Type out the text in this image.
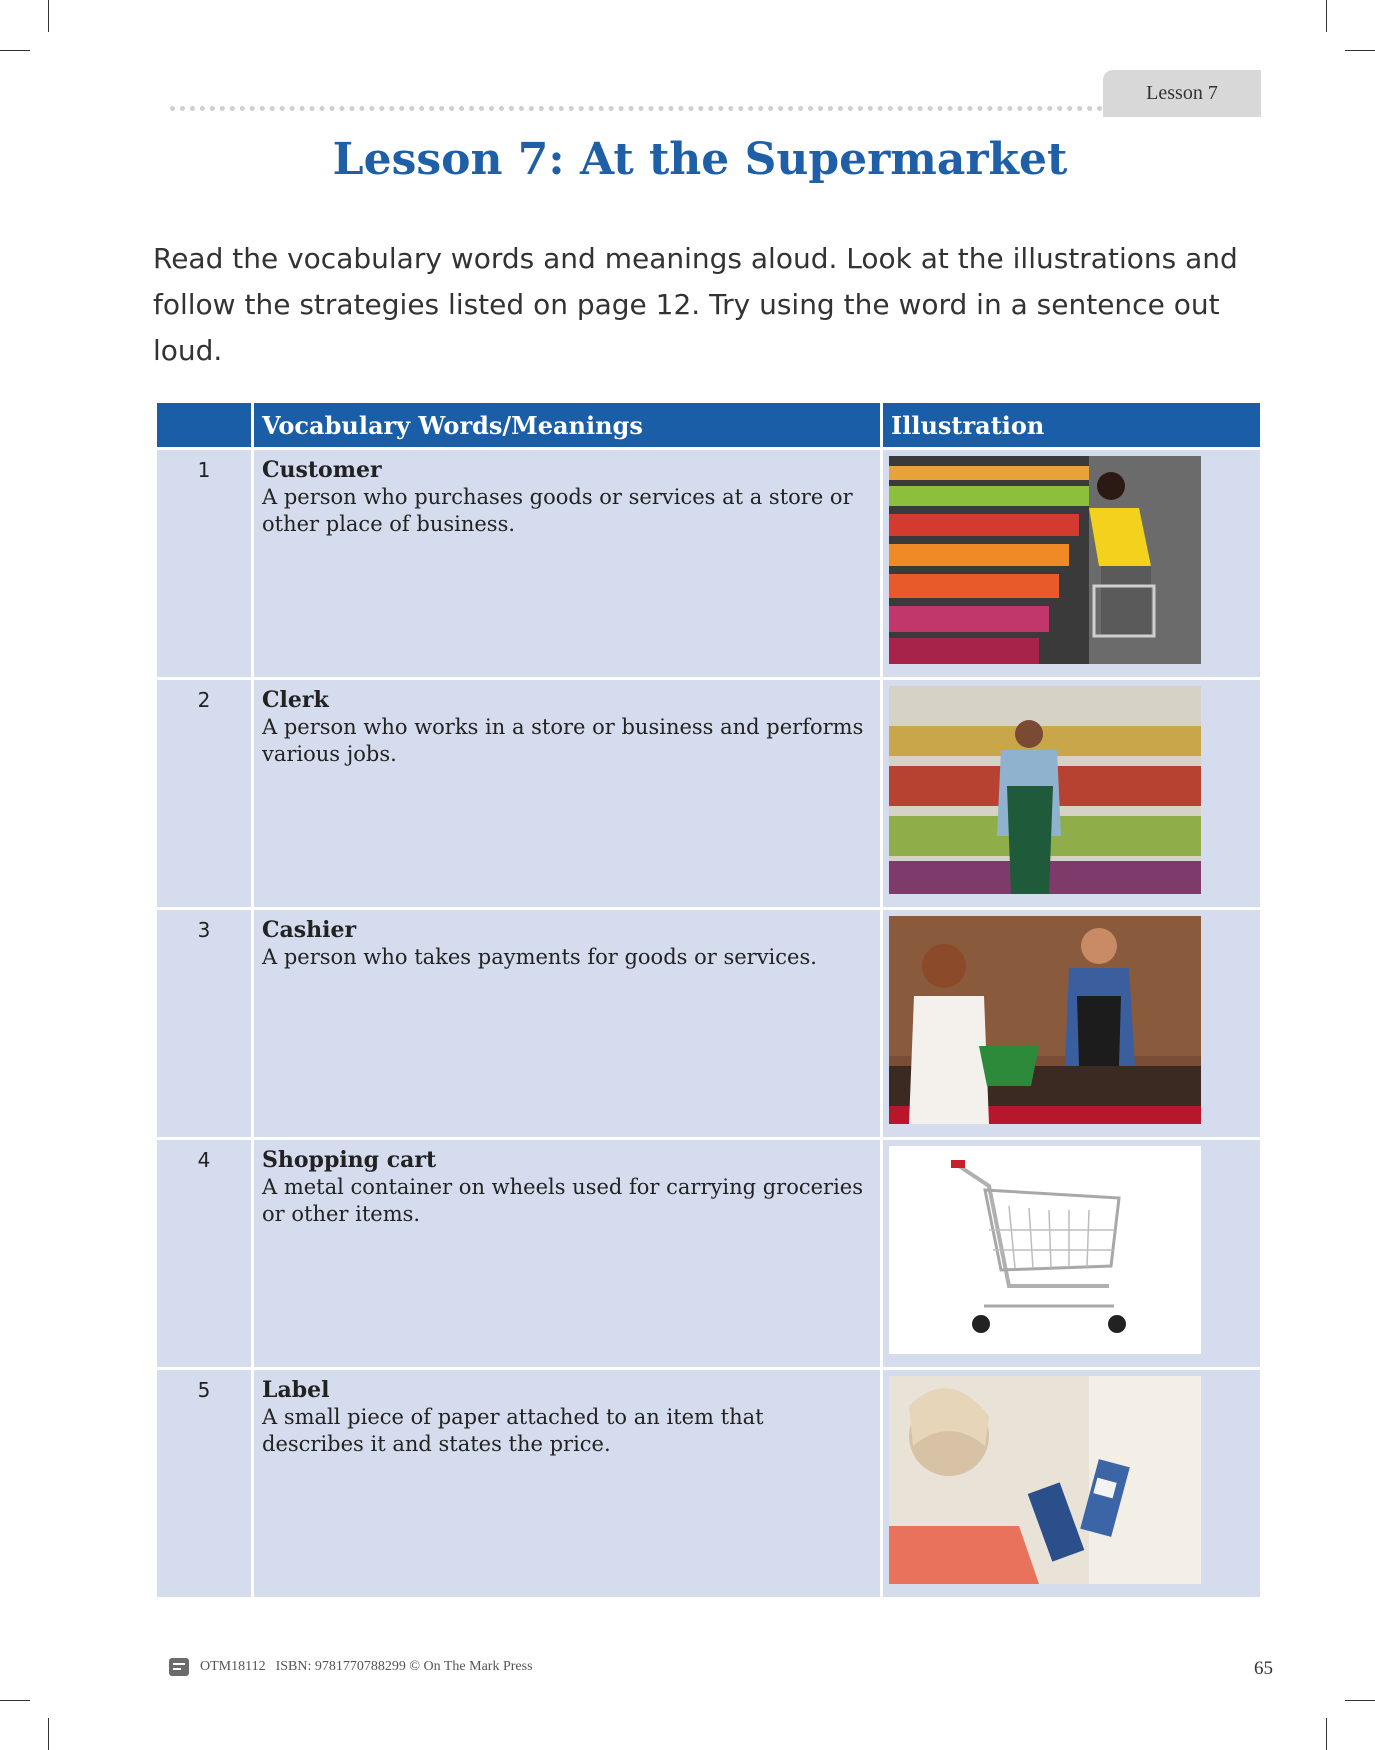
Lesson 7
Lesson 7: At the Supermarket
Read the vocabulary words and meanings aloud. Look at the illustrations and follow the strategies listed on page 12. Try using the word in a sentence out loud.
	Vocabulary Words/Meanings	Illustration
1	Customer
A person who purchases goods or services at a store or other place of business.

2	Clerk
A person who works in a store or business and performs various jobs.

3	Cashier
A person who takes payments for goods or services.

4	Shopping cart
A metal container on wheels used for carrying groceries or other items.

5	Label
A small piece of paper attached to an item that describes it and states the price.

OTM18112 ISBN: 9781770788299 © On The Mark Press	65
